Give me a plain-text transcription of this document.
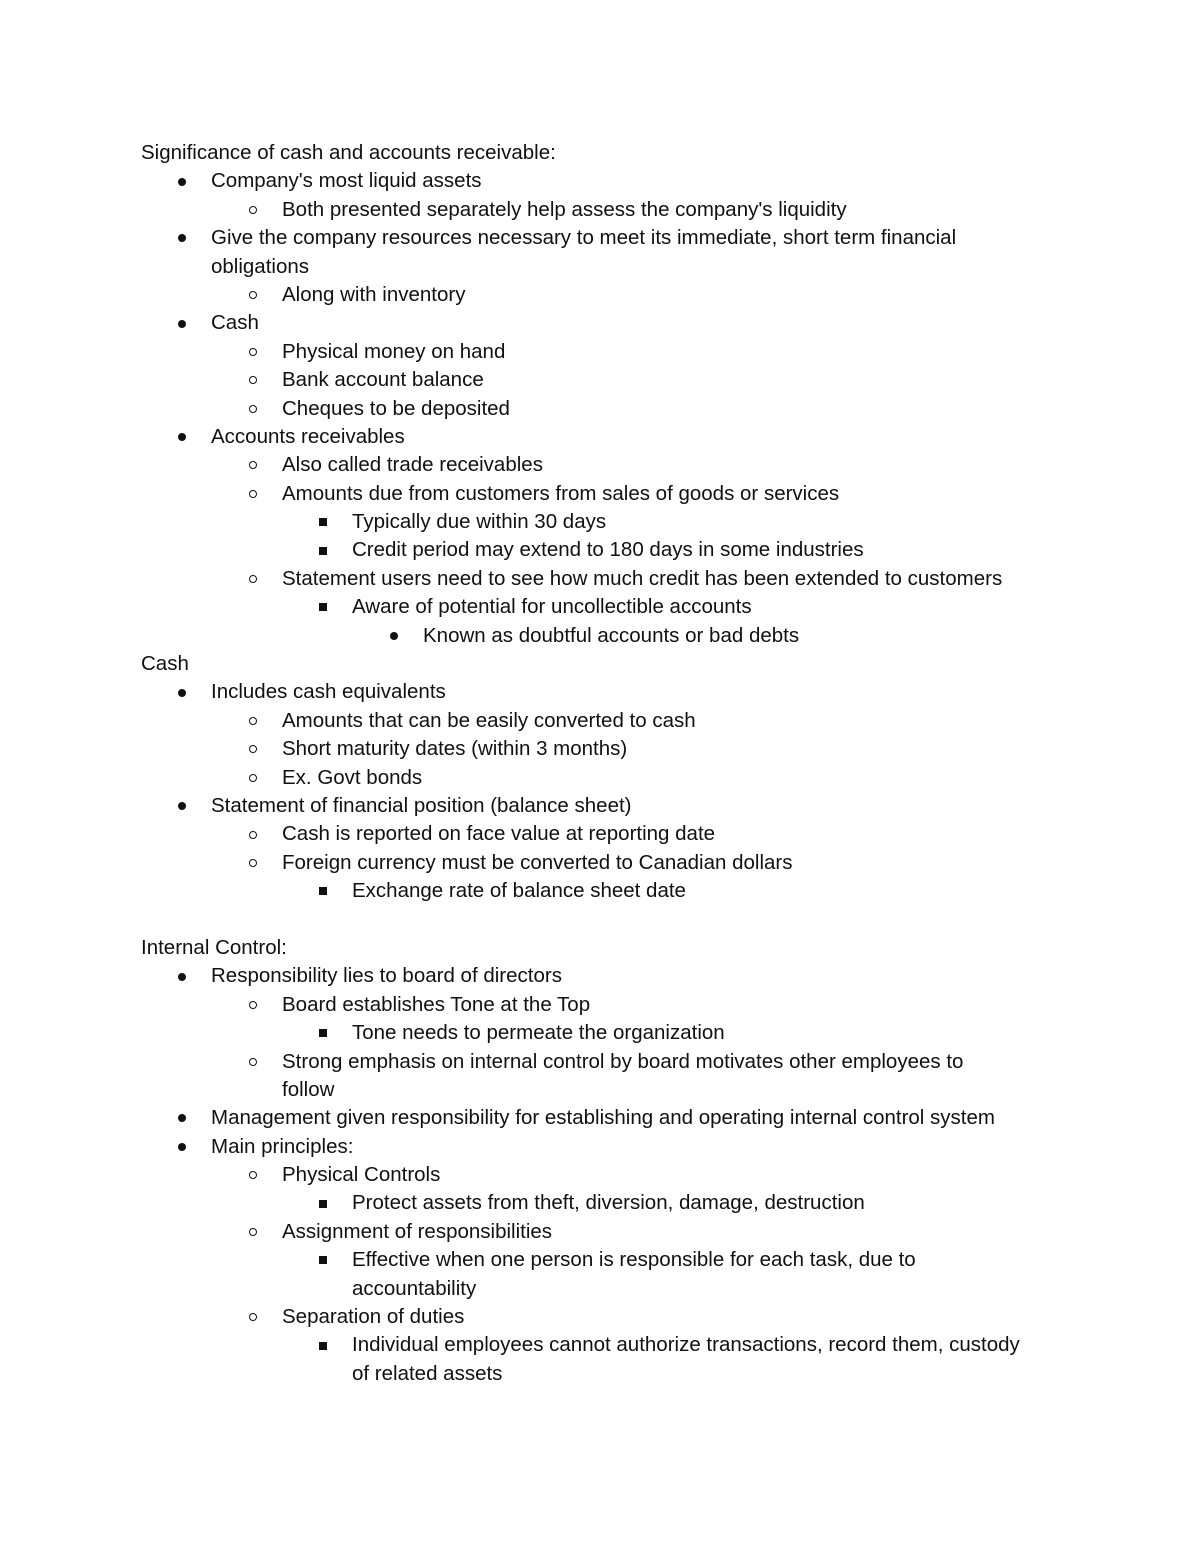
Significance of cash and accounts receivable:
Company's most liquid assets
Both presented separately help assess the company's liquidity
Give the company resources necessary to meet its immediate, short term financial
obligations
Along with inventory
Cash
Physical money on hand
Bank account balance
Cheques to be deposited
Accounts receivables
Also called trade receivables
Amounts due from customers from sales of goods or services
Typically due within 30 days
Credit period may extend to 180 days in some industries
Statement users need to see how much credit has been extended to customers
Aware of potential for uncollectible accounts
Known as doubtful accounts or bad debts
Cash
Includes cash equivalents
Amounts that can be easily converted to cash
Short maturity dates (within 3 months)
Ex. Govt bonds
Statement of financial position (balance sheet)
Cash is reported on face value at reporting date
Foreign currency must be converted to Canadian dollars
Exchange rate of balance sheet date
Internal Control:
Responsibility lies to board of directors
Board establishes Tone at the Top
Tone needs to permeate the organization
Strong emphasis on internal control by board motivates other employees to
follow
Management given responsibility for establishing and operating internal control system
Main principles:
Physical Controls
Protect assets from theft, diversion, damage, destruction
Assignment of responsibilities
Effective when one person is responsible for each task, due to
accountability
Separation of duties
Individual employees cannot authorize transactions, record them, custody
of related assets
